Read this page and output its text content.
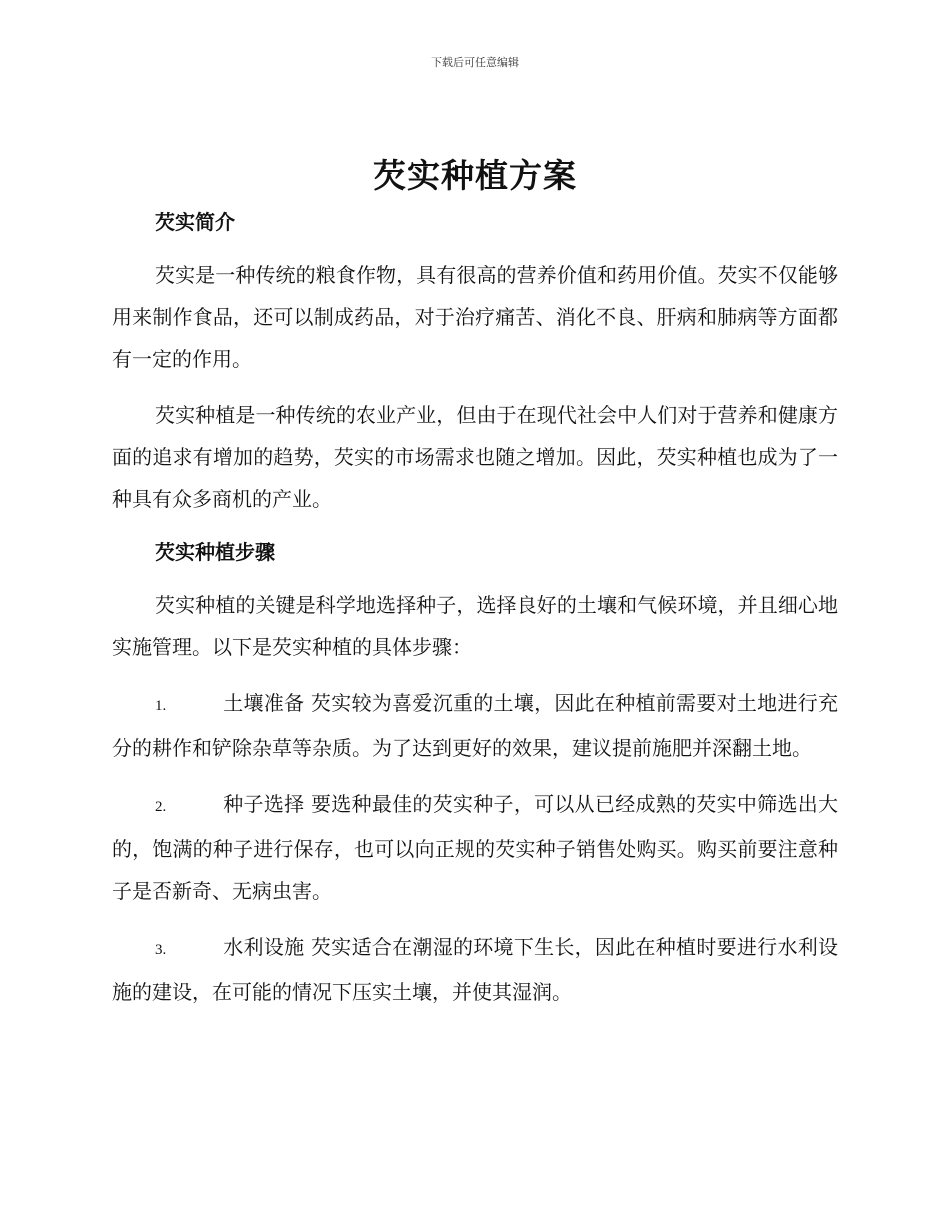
下载后可任意编辑
芡实种植方案
芡实简介

芡实是一种传统的粮食作物，具有很高的营养价值和药用价值。芡实不仅能够用来制作食品，还可以制成药品，对于治疗痛苦、消化不良、肝病和肺病等方面都有一定的作用。

芡实种植是一种传统的农业产业，但由于在现代社会中人们对于营养和健康方面的追求有增加的趋势，芡实的市场需求也随之增加。因此，芡实种植也成为了一种具有众多商机的产业。

芡实种植步骤

芡实种植的关键是科学地选择种子，选择良好的土壤和气候环境，并且细心地实施管理。以下是芡实种植的具体步骤：

1.	土壤准备 芡实较为喜爱沉重的土壤，因此在种植前需要对土地进行充分的耕作和铲除杂草等杂质。为了达到更好的效果，建议提前施肥并深翻土地。

2.	种子选择 要选种最佳的芡实种子，可以从已经成熟的芡实中筛选出大的，饱满的种子进行保存，也可以向正规的芡实种子销售处购买。购买前要注意种子是否新奇、无病虫害。

3.	水利设施 芡实适合在潮湿的环境下生长，因此在种植时要进行水利设施的建设，在可能的情况下压实土壤，并使其湿润。
